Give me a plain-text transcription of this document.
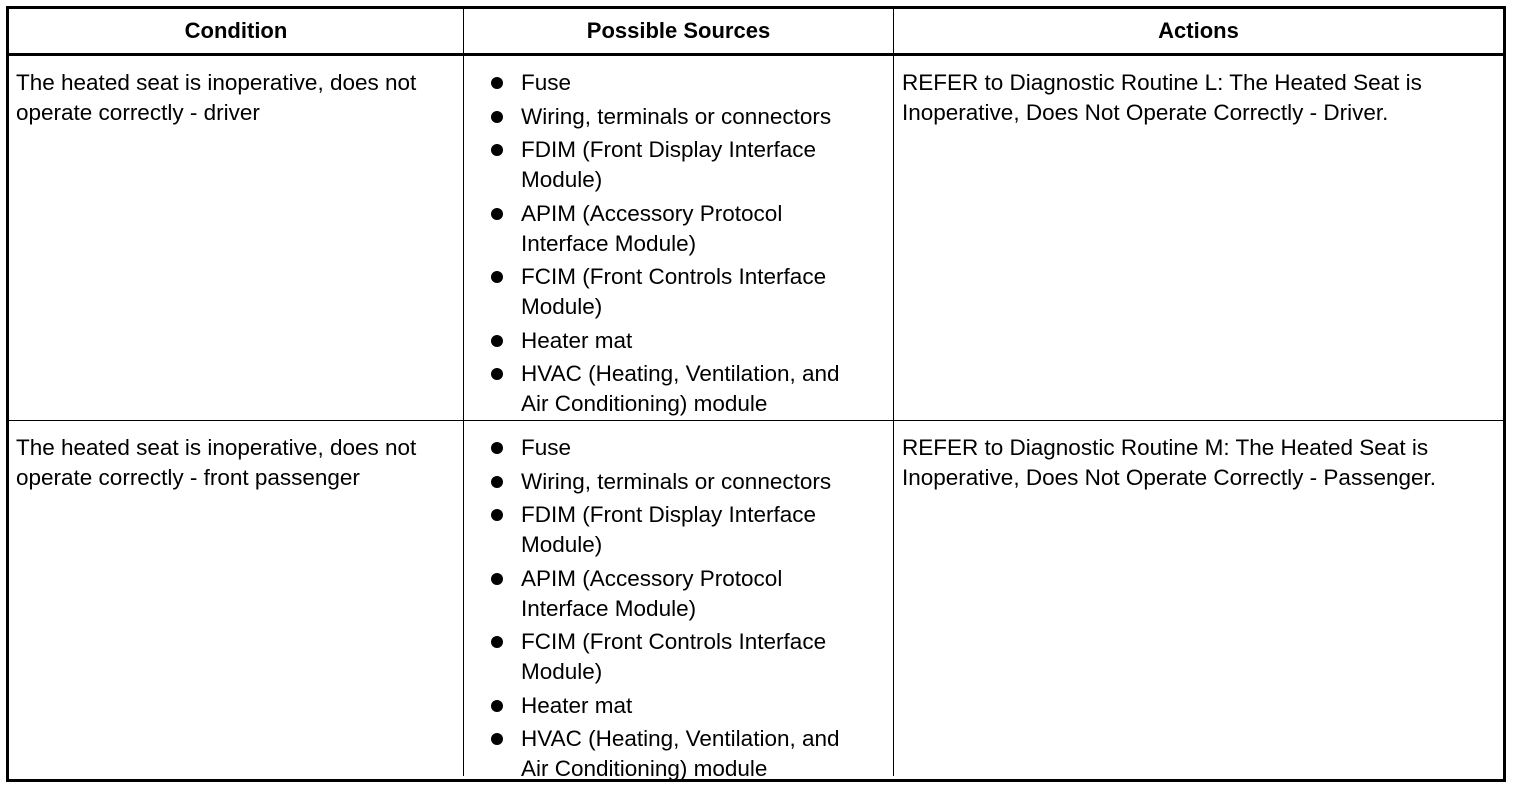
Condition	Possible Sources	Actions
The heated seat is inoperative, does not operate correctly - driver
Fuse
Wiring, terminals or connectors
FDIM (Front Display Interface
Module)
APIM (Accessory Protocol
Interface Module)
FCIM (Front Controls Interface
Module)
Heater mat
HVAC (Heating, Ventilation, and
Air Conditioning) module
REFER to Diagnostic Routine L: The Heated Seat is
Inoperative, Does Not Operate Correctly - Driver.
The heated seat is inoperative, does not operate correctly - front passenger
Fuse
Wiring, terminals or connectors
FDIM (Front Display Interface
Module)
APIM (Accessory Protocol
Interface Module)
FCIM (Front Controls Interface
Module)
Heater mat
HVAC (Heating, Ventilation, and
Air Conditioning) module
REFER to Diagnostic Routine M: The Heated Seat is
Inoperative, Does Not Operate Correctly - Passenger.
